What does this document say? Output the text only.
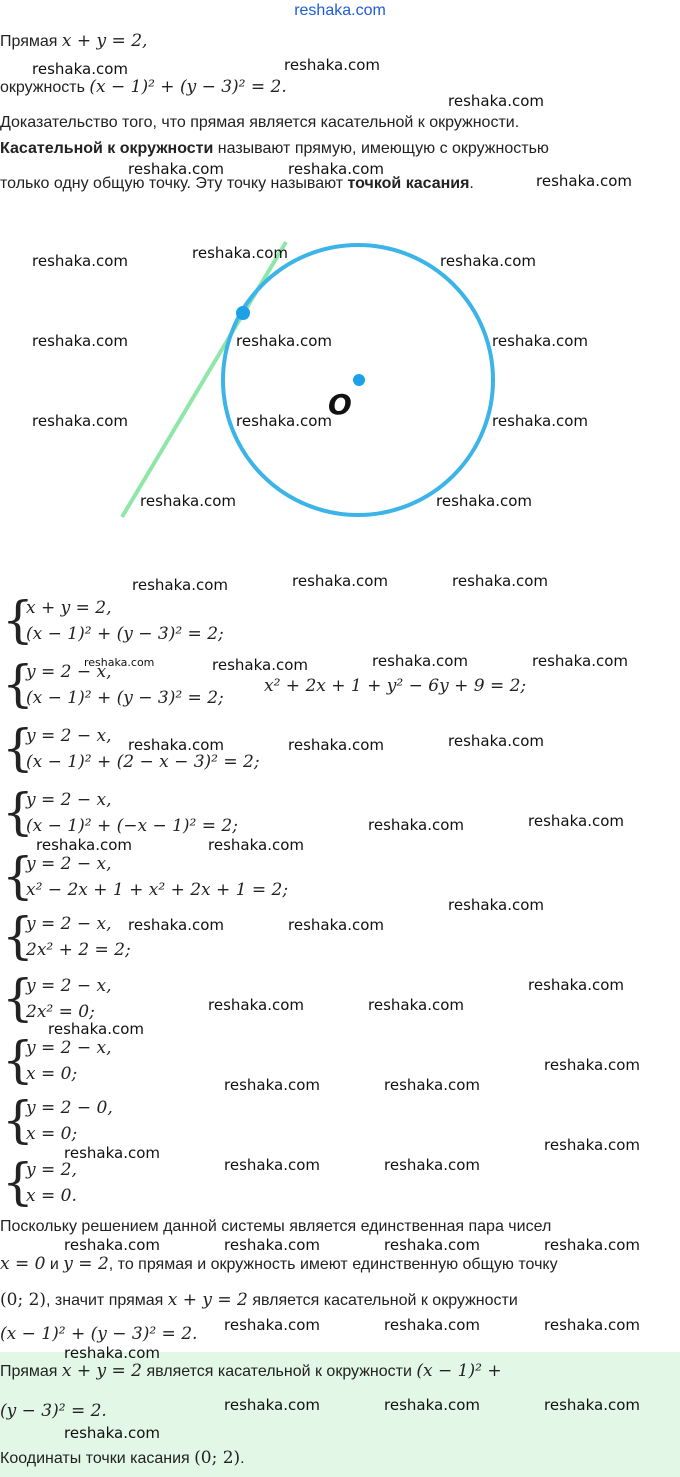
reshaka.com
Прямая x + y = 2,
окружность (x − 1)² + (y − 3)² = 2.
Доказательство того, что прямая является касательной к окружности.
Касательной к окружности называют прямую, имеющую с окружностью
только одну общую точку. Эту точку называют точкой касания.
O
{
x + y = 2,
(x − 1)² + (y − 3)² = 2;
{
y = 2 − x,
(x − 1)² + (y − 3)² = 2;
x² + 2x + 1 + y² − 6y + 9 = 2;
{
y = 2 − x,
(x − 1)² + (2 − x − 3)² = 2;
{
y = 2 − x,
(x − 1)² + (−x − 1)² = 2;
{
y = 2 − x,
x² − 2x + 1 + x² + 2x + 1 = 2;
{
y = 2 − x,
2x² + 2 = 2;
{
y = 2 − x,
2x² = 0;
{
y = 2 − x,
x = 0;
{
y = 2 − 0,
x = 0;
{
y = 2,
x = 0.
Поскольку решением данной системы является единственная пара чисел
x = 0 и y = 2, то прямая и окружность имеют единственную общую точку
(0; 2), значит прямая x + y = 2 является касательной к окружности
(x − 1)² + (y − 3)² = 2.
Прямая x + y = 2 является касательной к окружности (x − 1)² +
(y − 3)² = 2.
Коодинаты точки касания (0; 2).
reshaka.com	reshaka.com
reshaka.com
reshaka.com	reshaka.com
reshaka.com
reshaka.com	reshaka.com	reshaka.com
reshaka.com	reshaka.com	reshaka.com
reshaka.com	reshaka.com	reshaka.com
reshaka.com	reshaka.com
reshaka.com	reshaka.com	reshaka.com
reshaka.com	reshaka.com	reshaka.com	reshaka.com
reshaka.com	reshaka.com	reshaka.com
reshaka.com	reshaka.com
reshaka.com	reshaka.com
reshaka.com
reshaka.com	reshaka.com
reshaka.com
reshaka.com	reshaka.com
reshaka.com
reshaka.com
reshaka.com	reshaka.com
reshaka.com
reshaka.com
reshaka.com	reshaka.com
reshaka.com	reshaka.com	reshaka.com	reshaka.com
reshaka.com	reshaka.com	reshaka.com
reshaka.com
reshaka.com	reshaka.com	reshaka.com
reshaka.com
